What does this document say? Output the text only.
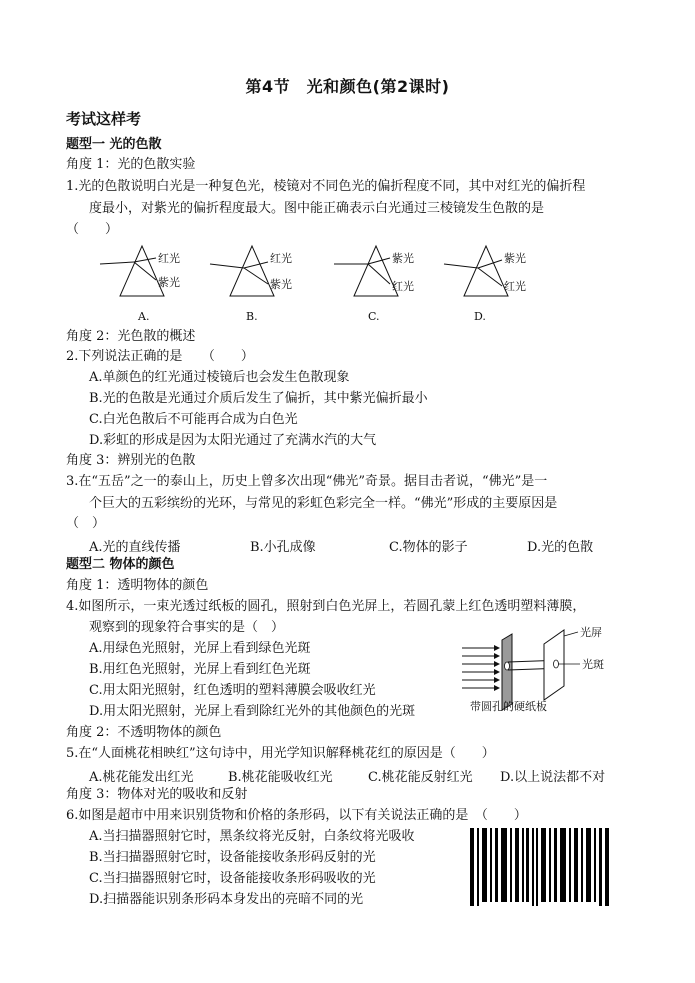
第4节　光和颜色(第2课时)
考试这样考
题型一 光的色散
角度 1：光的色散实验
1.光的色散说明白光是一种复色光，棱镜对不同色光的偏折程度不同，其中对红光的偏折程
度最小，对紫光的偏折程度最大。图中能正确表示白光通过三棱镜发生色散的是
（　　）
红光
紫光
A.
红光
紫光
B.
紫光
红光
C.
紫光
红光
D.
角度 2：光色散的概述
2.下列说法正确的是　　（　　）
A.单颜色的红光通过棱镜后也会发生色散现象
B.光的色散是光通过介质后发生了偏折，其中紫光偏折最小
C.白光色散后不可能再合成为白色光
D.彩虹的形成是因为太阳光通过了充满水汽的大气
角度 3：辨别光的色散
3.在“五岳”之一的泰山上，历史上曾多次出现“佛光”奇景。据目击者说，“佛光”是一
个巨大的五彩缤纷的光环，与常见的彩虹色彩完全一样。“佛光”形成的主要原因是
（　）
A.光的直线传播	B.小孔成像	C.物体的影子	D.光的色散
题型二 物体的颜色
角度 1：透明物体的颜色
4.如图所示，一束光透过纸板的圆孔，照射到白色光屏上，若圆孔蒙上红色透明塑料薄膜，
观察到的现象符合事实的是（　）
A.用绿色光照射，光屏上看到绿色光斑
B.用红色光照射，光屏上看到红色光斑
C.用太阳光照射，红色透明的塑料薄膜会吸收红光
D.用太阳光照射，光屏上看到除红光外的其他颜色的光斑
光屏
光斑
带圆孔的硬纸板
角度 2：不透明物体的颜色
5.在“人面桃花相映红”这句诗中，用光学知识解释桃花红的原因是（　　）
A.桃花能发出红光	B.桃花能吸收红光	C.桃花能反射红光 D.以上说法都不对
角度 3：物体对光的吸收和反射
6.如图是超市中用来识别货物和价格的条形码，以下有关说法正确的是　（　　）
A.当扫描器照射它时，黑条纹将光反射，白条纹将光吸收
B.当扫描器照射它时，设备能接收条形码反射的光
C.当扫描器照射它时，设备能接收条形码吸收的光
D.扫描器能识别条形码本身发出的亮暗不同的光
